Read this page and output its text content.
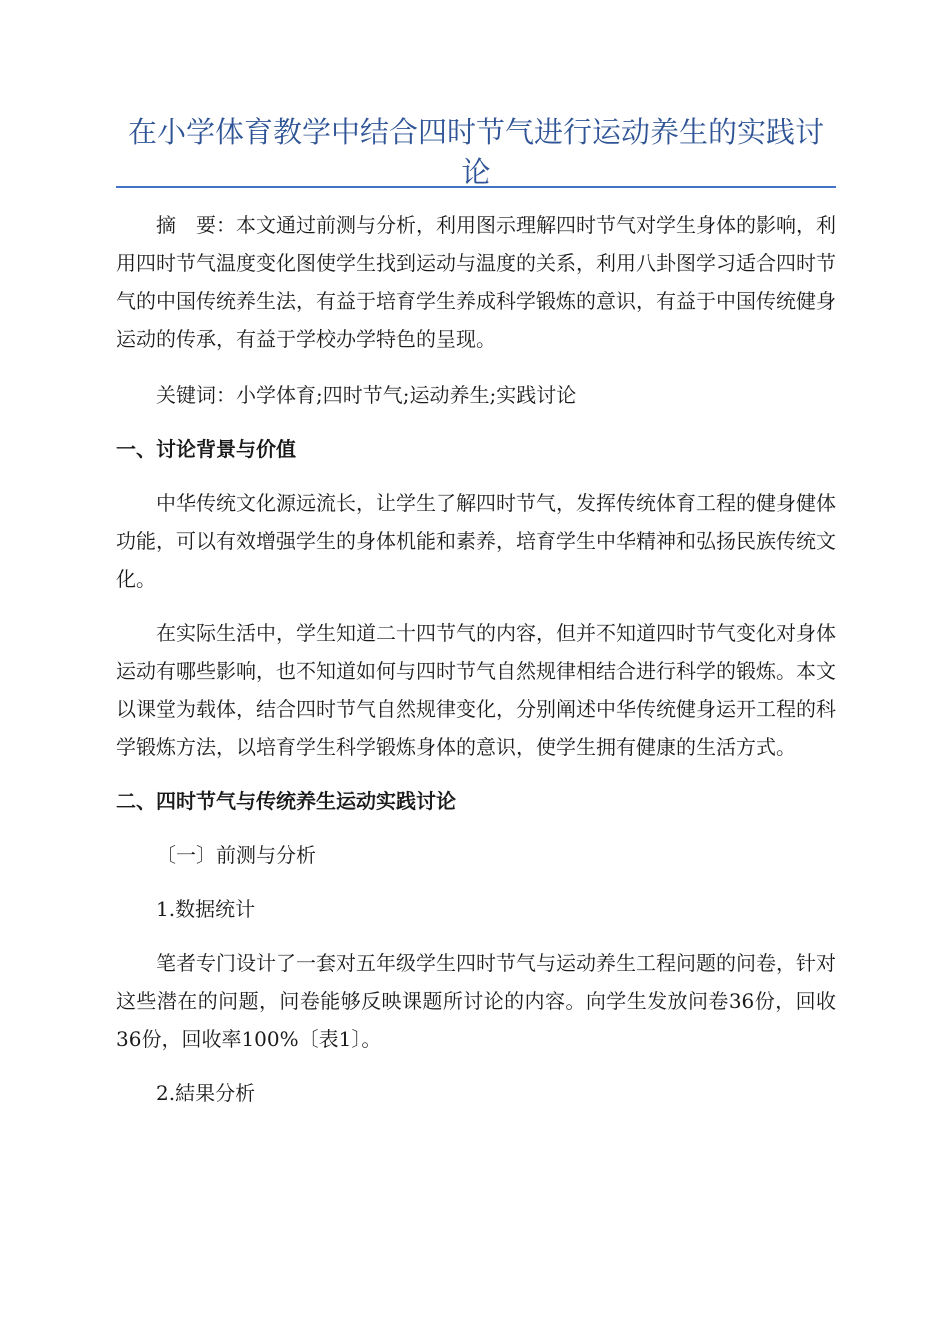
在小学体育教学中结合四时节气进行运动养生的实践讨论

摘　要：本文通过前测与分析，利用图示理解四时节气对学生身体的影响，利用四时节气温度变化图使学生找到运动与温度的关系，利用八卦图学习适合四时节气的中国传统养生法，有益于培育学生养成科学锻炼的意识，有益于中国传统健身运动的传承，有益于学校办学特色的呈现。

关键词：小学体育;四时节气;运动养生;实践讨论

一、讨论背景与价值

中华传统文化源远流长，让学生了解四时节气，发挥传统体育工程的健身健体功能，可以有效增强学生的身体机能和素养，培育学生中华精神和弘扬民族传统文化。

在实际生活中，学生知道二十四节气的内容，但并不知道四时节气变化对身体运动有哪些影响，也不知道如何与四时节气自然规律相结合进行科学的锻炼。本文以课堂为载体，结合四时节气自然规律变化，分别阐述中华传统健身运开工程的科学锻炼方法，以培育学生科学锻炼身体的意识，使学生拥有健康的生活方式。

二、四时节气与传统养生运动实践讨论

〔一〕前测与分析

1.数据统计

笔者专门设计了一套对五年级学生四时节气与运动养生工程问题的问卷，针对这些潜在的问题，问卷能够反映课题所讨论的内容。向学生发放问卷36份，回收36份，回收率100%〔表1〕。

2.結果分析
